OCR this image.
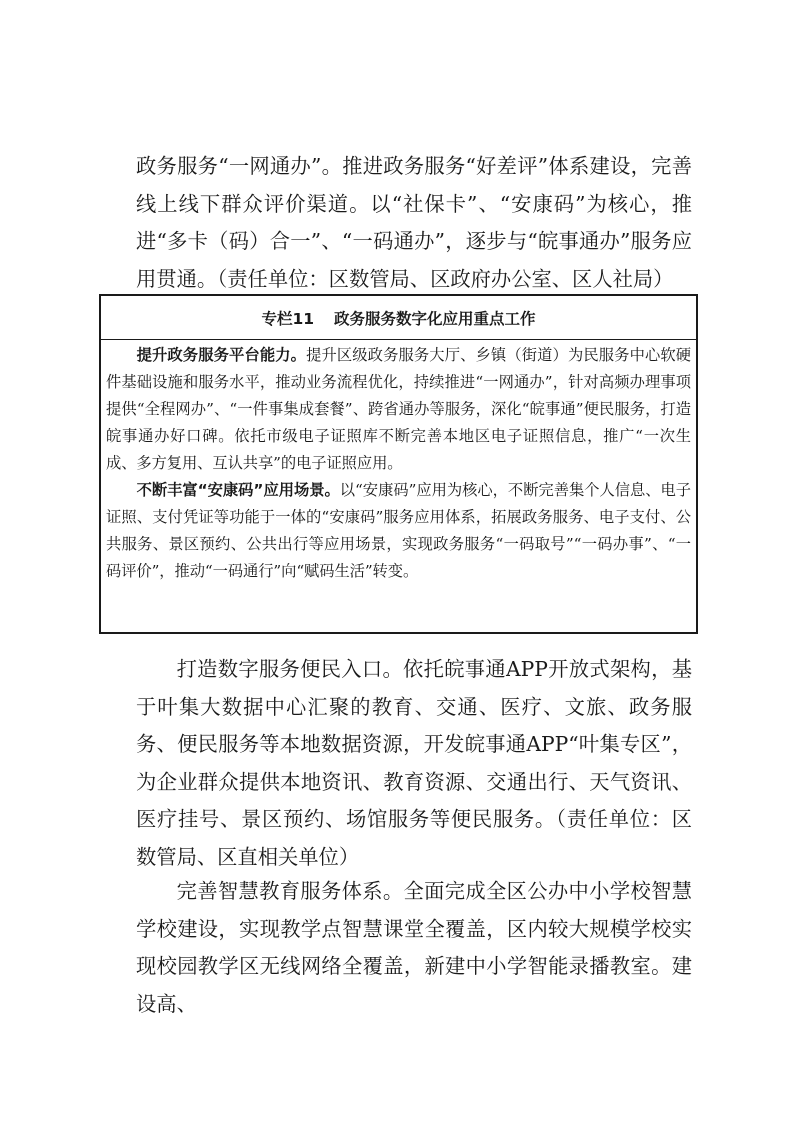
政务服务“一网通办”。推进政务服务“好差评”体系建设，完善线上线下群众评价渠道。以“社保卡”、“安康码”为核心，推进“多卡（码）合一”、“一码通办”，逐步与“皖事通办”服务应用贯通。（责任单位：区数管局、区政府办公室、区人社局）

专栏11 政务服务数字化应用重点工作

提升政务服务平台能力。提升区级政务服务大厅、乡镇（街道）为民服务中心软硬件基础设施和服务水平，推动业务流程优化，持续推进“一网通办”，针对高频办理事项提供“全程网办”、“一件事集成套餐”、跨省通办等服务，深化“皖事通”便民服务，打造皖事通办好口碑。依托市级电子证照库不断完善本地区电子证照信息，推广“一次生成、多方复用、互认共享”的电子证照应用。

不断丰富“安康码”应用场景。以“安康码”应用为核心，不断完善集个人信息、电子证照、支付凭证等功能于一体的“安康码”服务应用体系，拓展政务服务、电子支付、公共服务、景区预约、公共出行等应用场景，实现政务服务“一码取号”“一码办事”、“一码评价”，推动“一码通行”向“赋码生活”转变。

打造数字服务便民入口。依托皖事通APP开放式架构，基于叶集大数据中心汇聚的教育、交通、医疗、文旅、政务服务、便民服务等本地数据资源，开发皖事通APP“叶集专区”，为企业群众提供本地资讯、教育资源、交通出行、天气资讯、医疗挂号、景区预约、场馆服务等便民服务。（责任单位：区数管局、区直相关单位）

完善智慧教育服务体系。全面完成全区公办中小学校智慧学校建设，实现教学点智慧课堂全覆盖，区内较大规模学校实现校园教学区无线网络全覆盖，新建中小学智能录播教室。建设高、
